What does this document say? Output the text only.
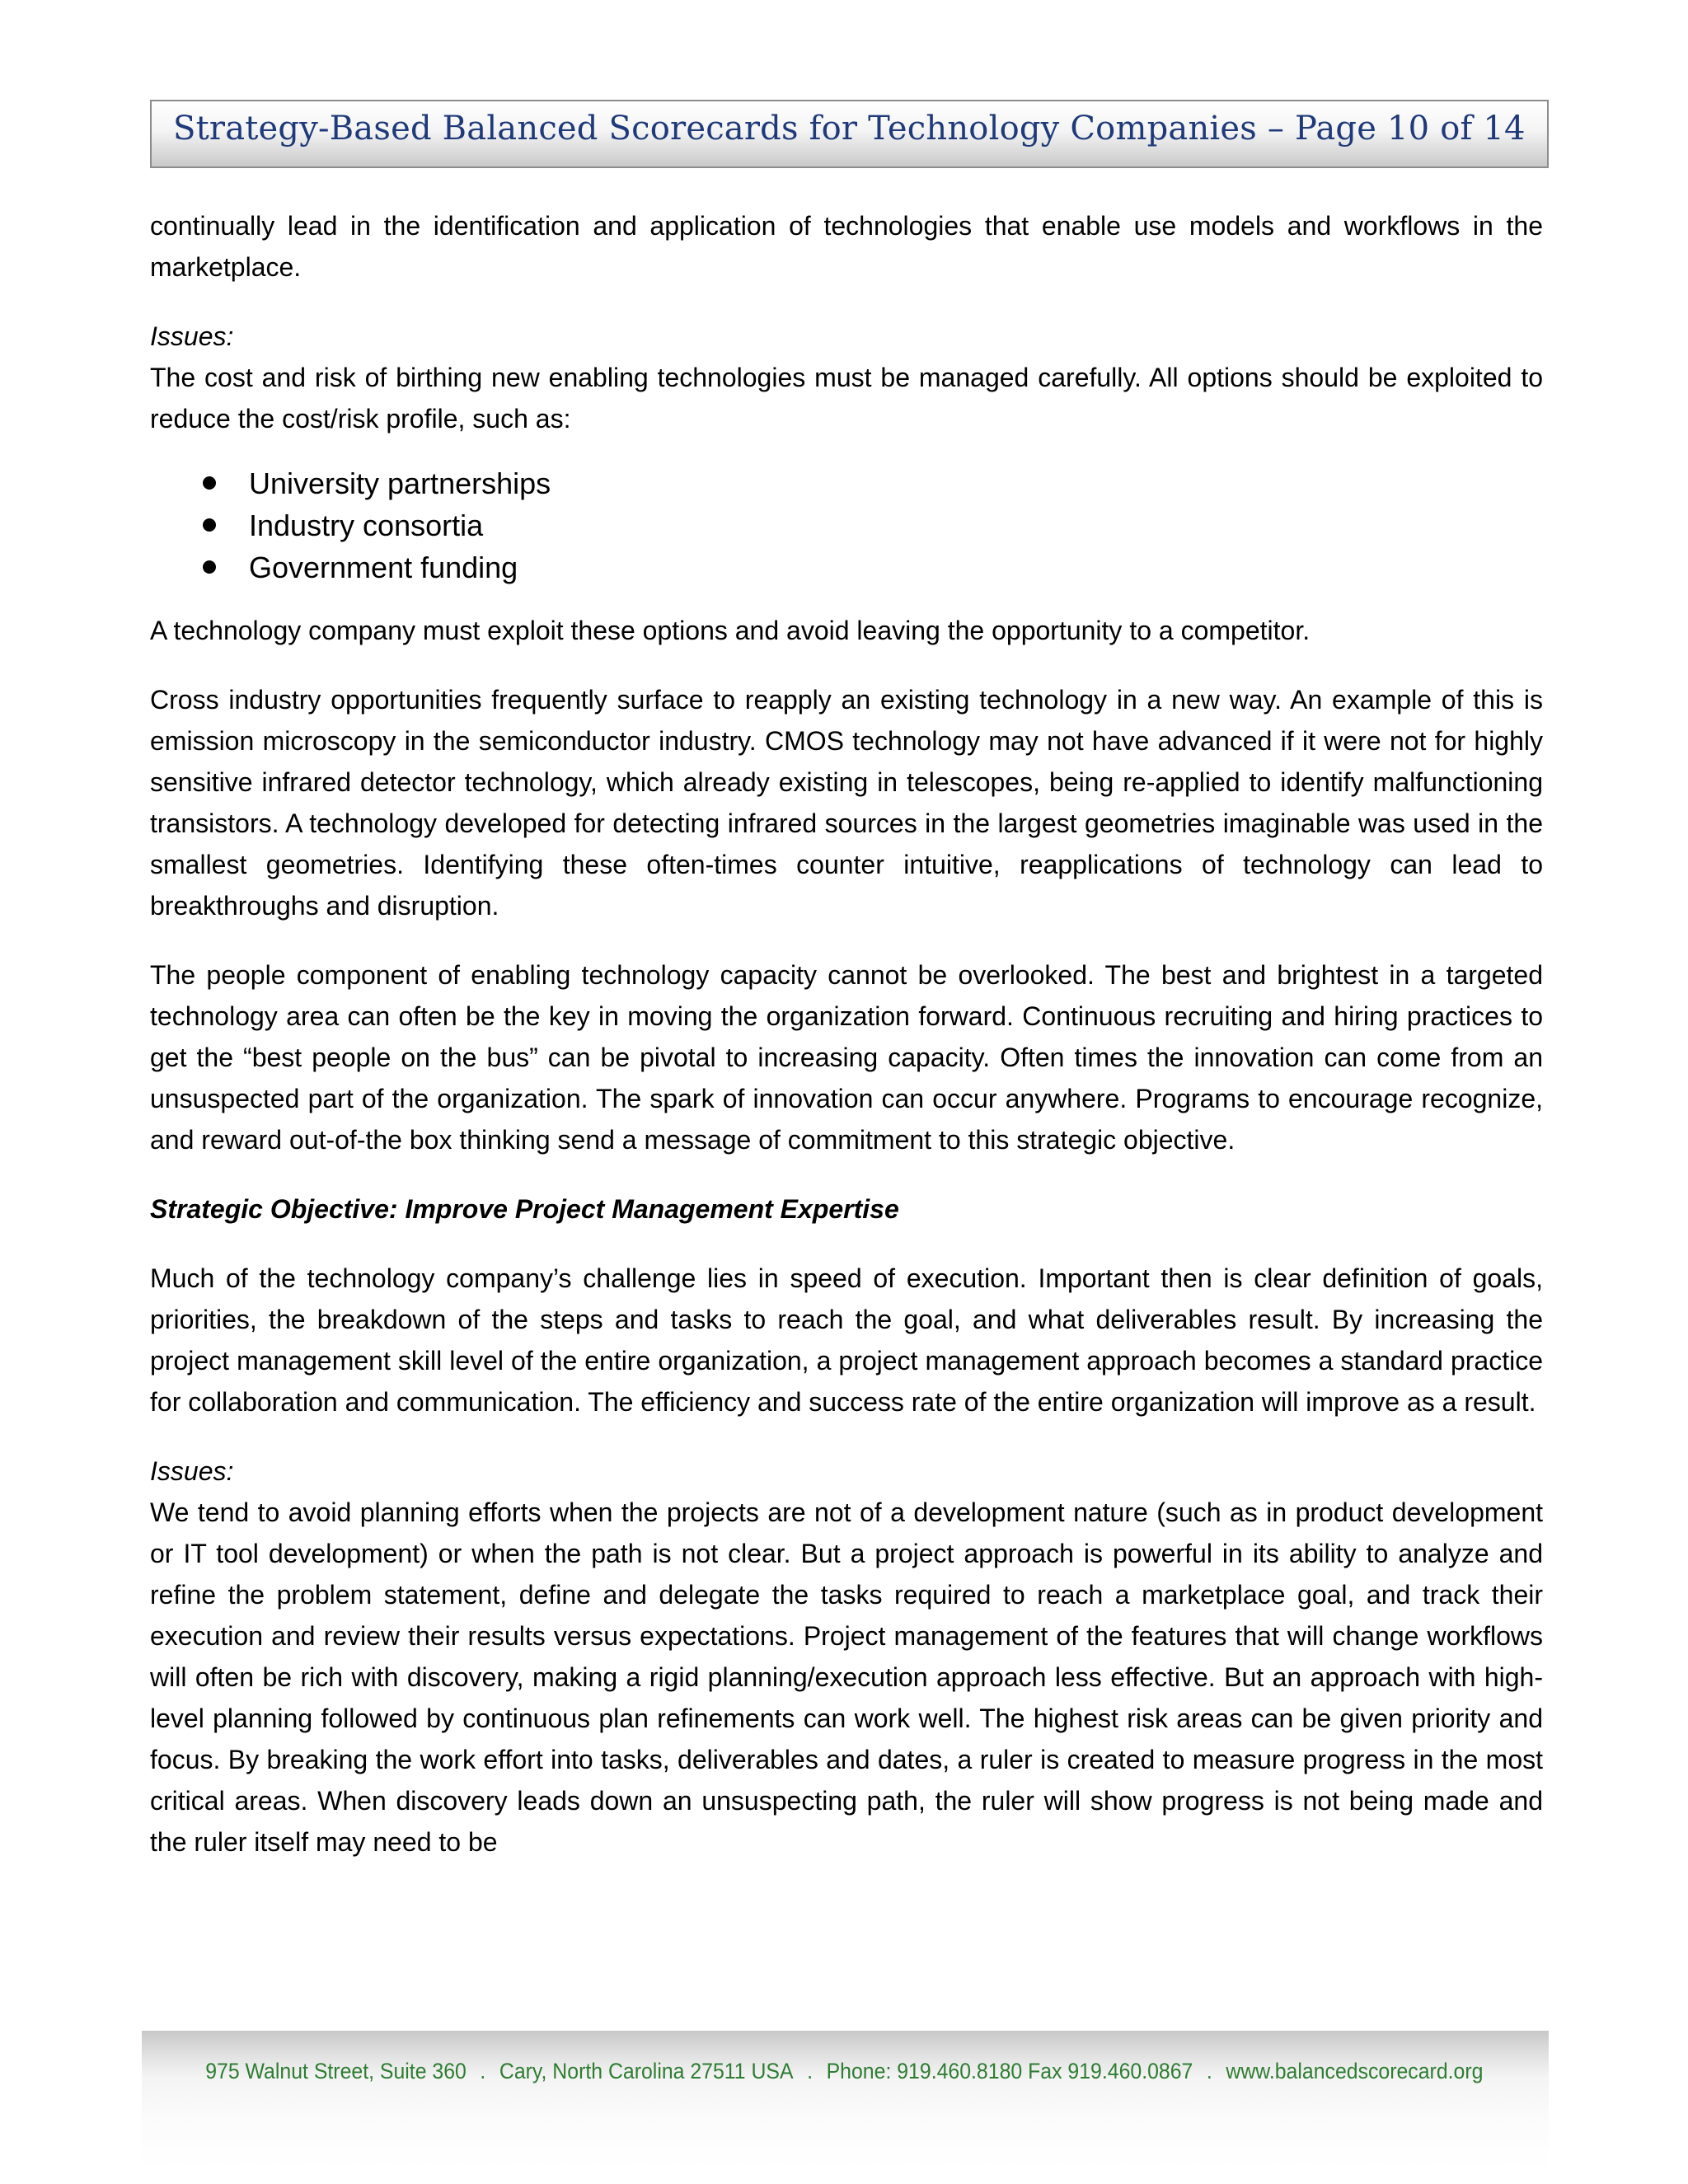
Strategy-Based Balanced Scorecards for Technology Companies – Page 10 of 14

continually lead in the identification and application of technologies that enable use models and workflows in the marketplace.

Issues:
The cost and risk of birthing new enabling technologies must be managed carefully. All options should be exploited to reduce the cost/risk profile, such as:

University partnerships
Industry consortia
Government funding

A technology company must exploit these options and avoid leaving the opportunity to a competitor.

Cross industry opportunities frequently surface to reapply an existing technology in a new way. An example of this is emission microscopy in the semiconductor industry. CMOS technology may not have advanced if it were not for highly sensitive infrared detector technology, which already existing in telescopes, being re-applied to identify malfunctioning transistors. A technology developed for detecting infrared sources in the largest geometries imaginable was used in the smallest geometries. Identifying these often-times counter intuitive, reapplications of technology can lead to breakthroughs and disruption.

The people component of enabling technology capacity cannot be overlooked. The best and brightest in a targeted technology area can often be the key in moving the organization forward. Continuous recruiting and hiring practices to get the “best people on the bus” can be pivotal to increasing capacity. Often times the innovation can come from an unsuspected part of the organization. The spark of innovation can occur anywhere. Programs to encourage recognize, and reward out-of-the box thinking send a message of commitment to this strategic objective.

Strategic Objective: Improve Project Management Expertise

Much of the technology company’s challenge lies in speed of execution. Important then is clear definition of goals, priorities, the breakdown of the steps and tasks to reach the goal, and what deliverables result. By increasing the project management skill level of the entire organization, a project management approach becomes a standard practice for collaboration and communication. The efficiency and success rate of the entire organization will improve as a result.

Issues:
We tend to avoid planning efforts when the projects are not of a development nature (such as in product development or IT tool development) or when the path is not clear. But a project approach is powerful in its ability to analyze and refine the problem statement, define and delegate the tasks required to reach a marketplace goal, and track their execution and review their results versus expectations. Project management of the features that will change workflows will often be rich with discovery, making a rigid planning/execution approach less effective. But an approach with high-level planning followed by continuous plan refinements can work well. The highest risk areas can be given priority and focus. By breaking the work effort into tasks, deliverables and dates, a ruler is created to measure progress in the most critical areas. When discovery leads down an unsuspecting path, the ruler will show progress is not being made and the ruler itself may need to be

975 Walnut Street, Suite 360 . Cary, North Carolina 27511 USA . Phone: 919.460.8180 Fax 919.460.0867 . www.balancedscorecard.org
